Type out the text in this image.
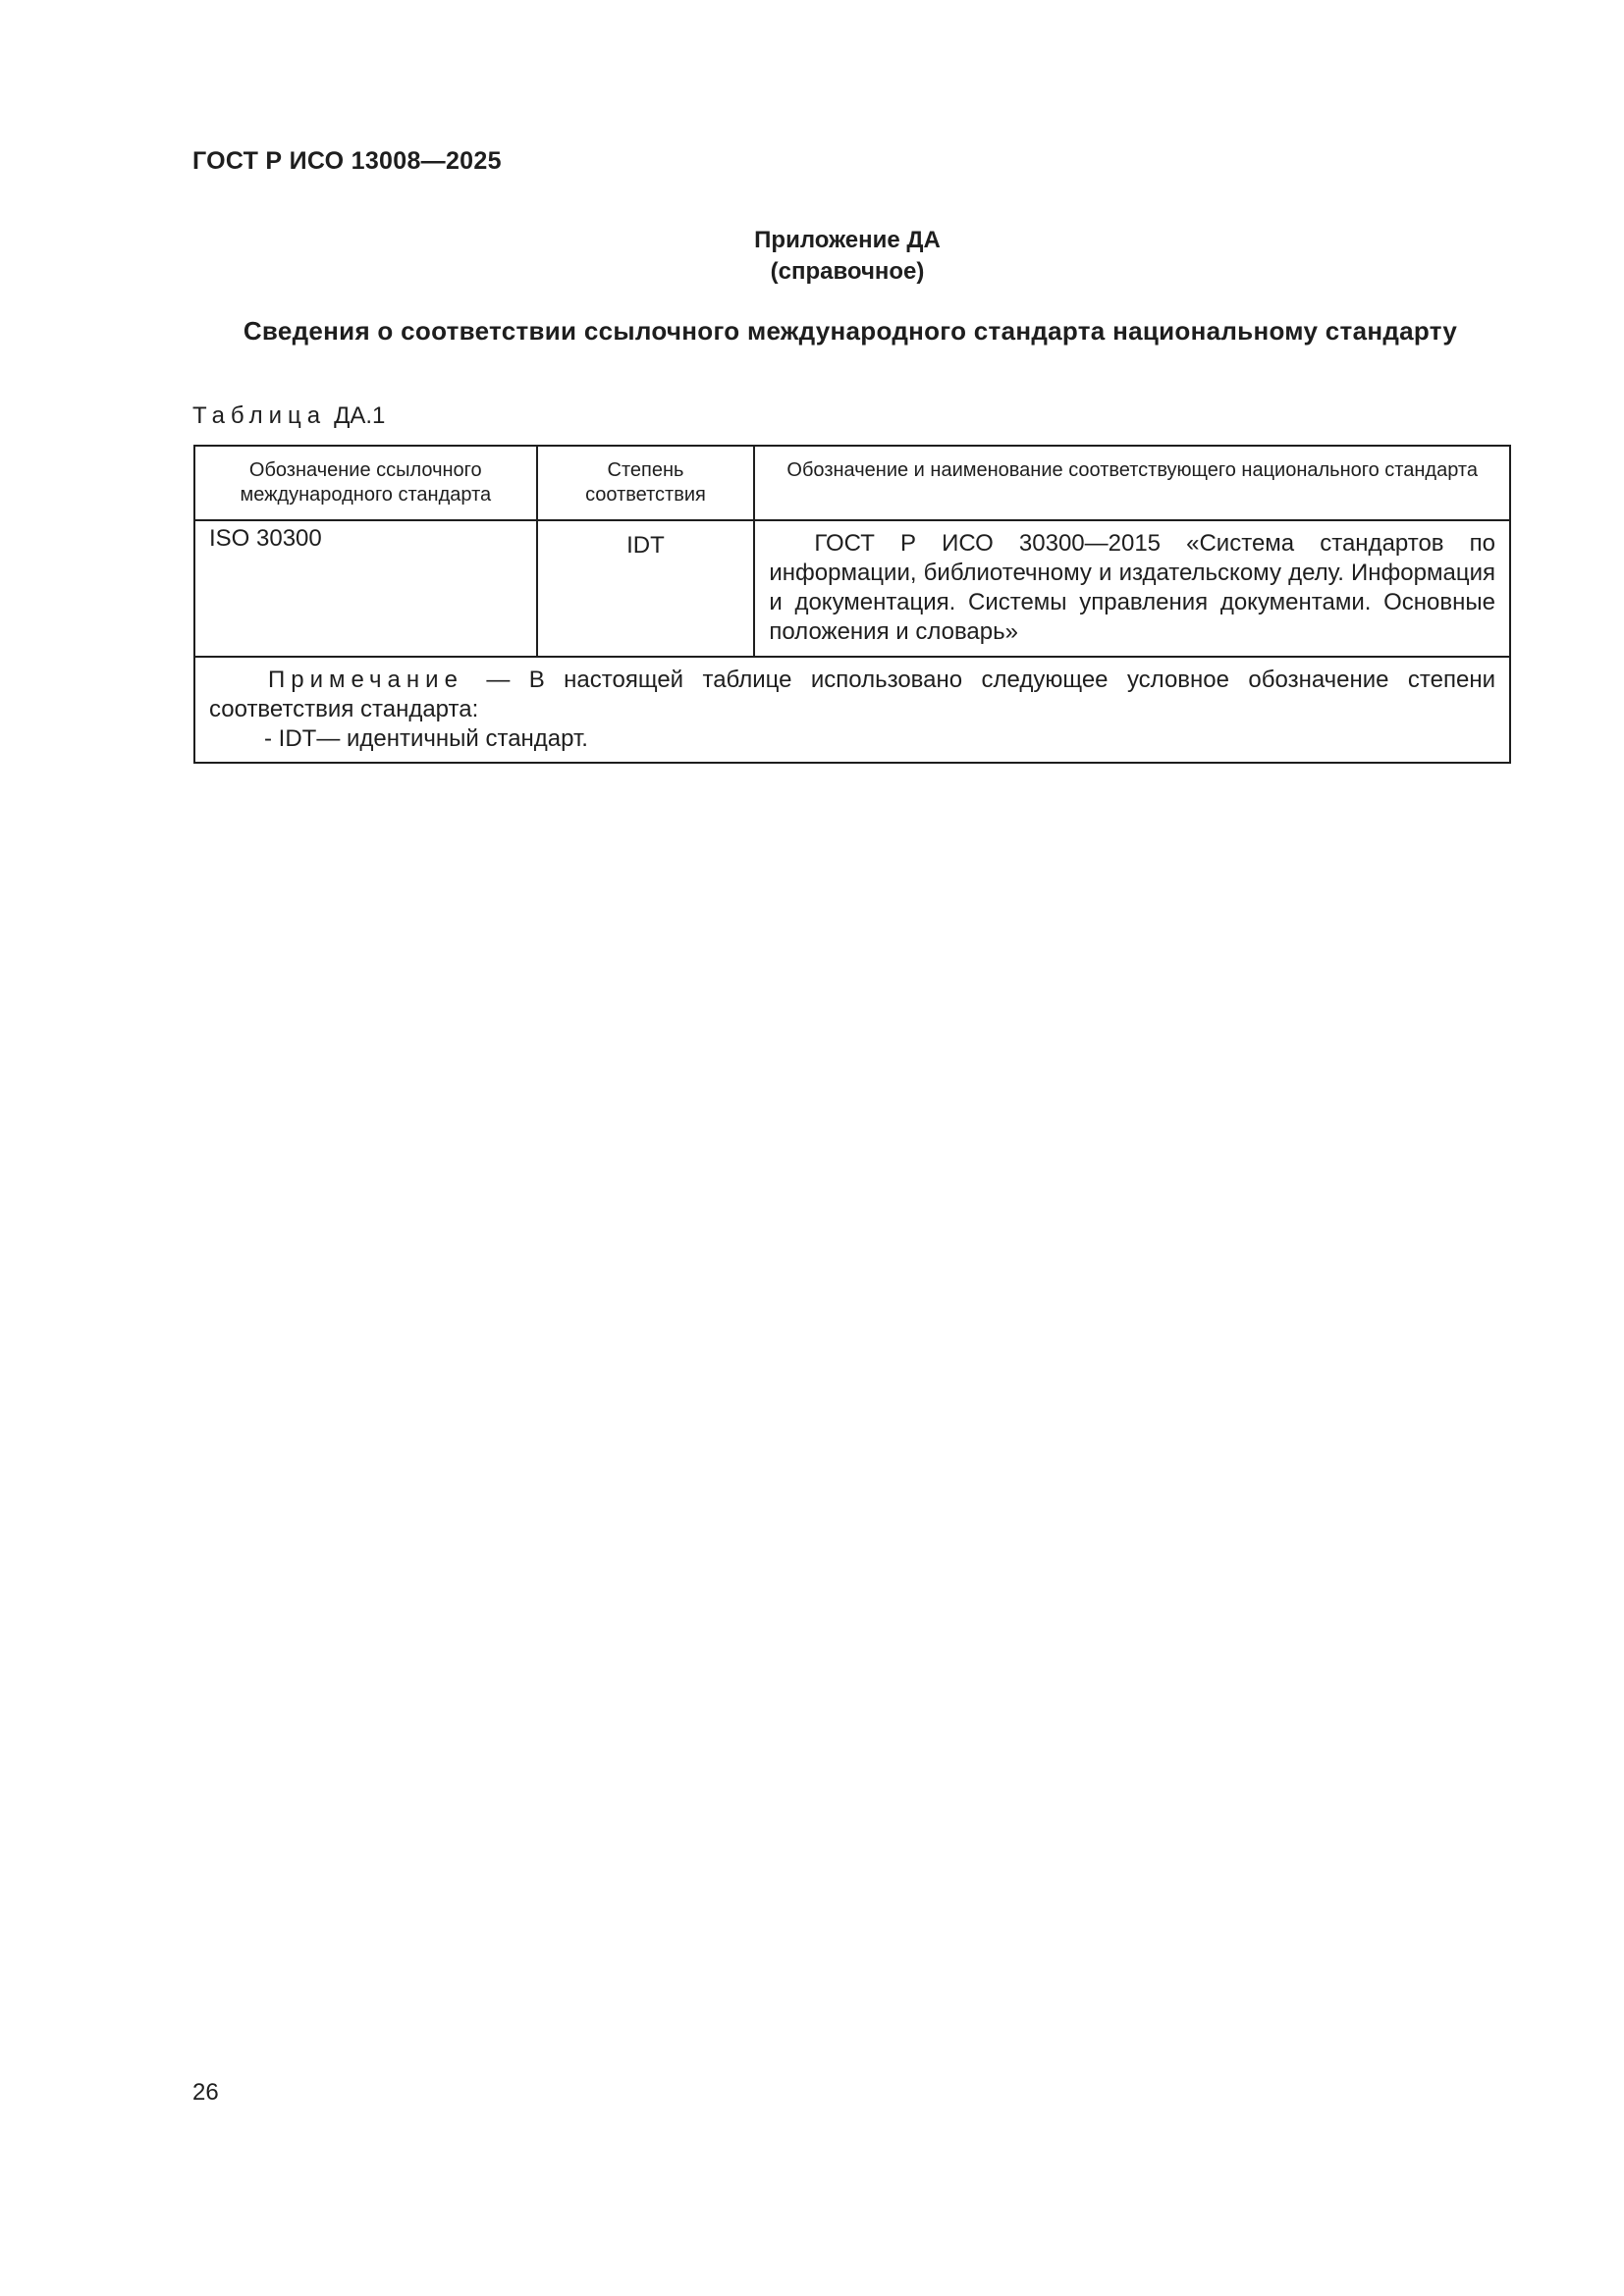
ГОСТ Р ИСО 13008—2025
Приложение ДА
(справочное)
Сведения о соответствии ссылочного международного стандарта национальному стандарту
Таблица ДА.1
Обозначение ссылочного международного стандарта	Степень соответствия	Обозначение и наименование соответствующего национального стандарта
ISO 30300	IDT	ГОСТ Р ИСО 30300—2015 «Система стандартов по информации, библиотечному и издательскому делу. Информация и документация. Системы управления документами. Основные положения и словарь»

Примечание — В настоящей таблице использовано следующее условное обозначение степени соответствия стандарта:
- IDT— идентичный стандарт.		
26
